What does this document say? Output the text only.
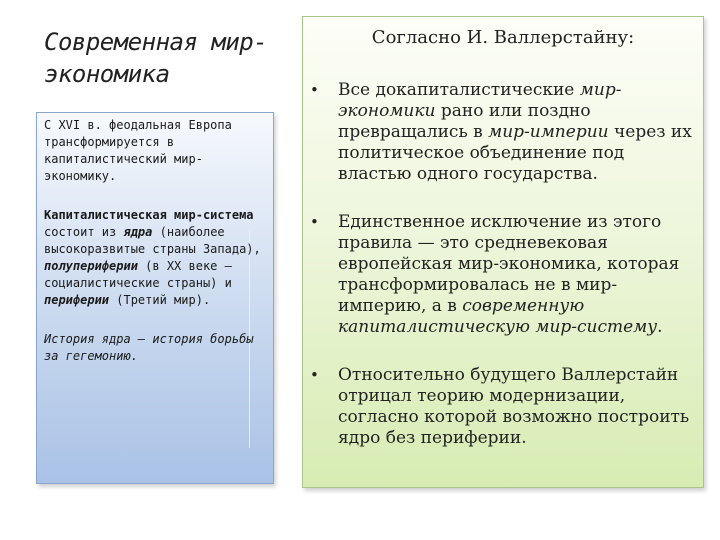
Современная мир-экономика

С XVI в. феодальная Европа трансформируется в капиталистический мир-экономику.

Капиталистическая мир-система состоит из ядра (наиболее высокоразвитые страны Запада), полупериферии (в XX веке — социалистические страны) и периферии (Третий мир).

История ядра — история борьбы за гегемонию.

Согласно И. Валлерстайну:
• Все докапиталистические мир-экономики рано или поздно превращались в мир-империи через их политическое объединение под властью одного государства.
• Единственное исключение из этого правила — это средневековая европейская мир-экономика, которая трансформировалась не в мир-империю, а в современную капиталистическую мир-систему.
• Относительно будущего Валлерстайн отрицал теорию модернизации, согласно которой возможно построить ядро без периферии.
